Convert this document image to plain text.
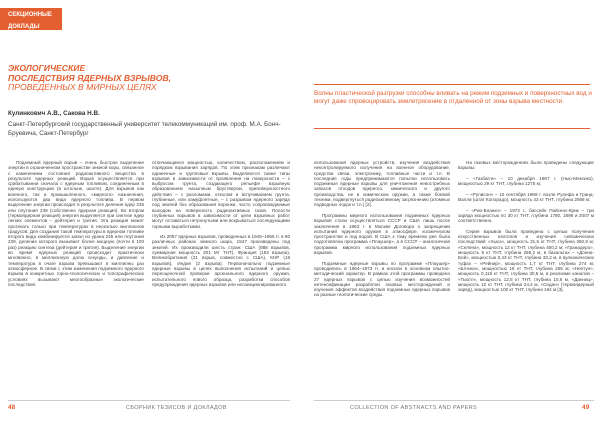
СЕКЦИОННЫЕ
ДОКЛАДЫ
ЭКОЛОГИЧЕСКИЕ
ПОСЛЕДСТВИЯ ЯДЕРНЫХ ВЗРЫВОВ,
ПРОВЕДЕННЫХ В МИРНЫХ ЦЕЛЯХ
Кулинкович А.В., Сакова Н.В.
Санкт-Петербургский государственный университет телекоммуникаций им. проф. М.А. Бонч-Бруевича, Санкт-Петербург
Волны пластической разгрузки способны вливать на режим подземных и поверхностных вод и могут даже спровоцировать землетрясение в отдаленной от зоны взрыва местности.

Подземный ядерный взрыв – очень быстрое выделение энергии в ограниченном пространстве земной коры, связанное с изменением состояния радиоактивного вещества в результате ядерных реакций. Взрыв осуществляется при срабатывании сначала с ядерным топливом, соединенным в единую конструкцию (в штольне, шахте). Для взрывов как военного, так и промышленного, «мирного» назначения, используются два вида ядерного топлива. В первом выделение энергии происходит в результате деления ядер 235 или плутония 239 (собственно ядерная реакция). Во втором (термоядерная реакция) энергия выделяется при синтезе ядер легких элементов – дейтерия и трития. Эта реакция может протекать только при температурах в несколько миллионов градусов. Для создания такой температуры в ядерном топливе второго вида комбинируется запал из урана 235 или плутония 239, деление которого вызывает более мощную (почти в 100 раз) реакцию синтеза (дейтерия и трития). Выделение энергии во время ядерных реакций происходит практически мгновенно, в миллионную долю секунды, и давление и температура в очаге взрыва превышают в миллионы раз атмосферное. В связи с этим изменения подземного ядерного взрыва в конкретных горно-геологических и топографических условиях вызывают многообразные экологические последствия.

отличающиеся мощностью, количеством, расположением и порядком взрывания зарядов. По этим признакам различают единичные и групповые взрывы. Выделяются также типы взрывов в зависимости от проявления на поверхности – с выбросом грунта, создающего рельефе взрывную образованием насыпным бруствером, приповерхностного действия – с разломами, отколом и вспучиванием грунта, глубинные, или камуфлетные, – с разрывом ядерного заряда под землей без образования воронки, часто сопровождаемые выходом на поверхность радиоактивных газов. Полости глубинных взрывов в зависимости от цели взрывных работ могут оставаться нетронутыми или вскрываться последующими горными выработками.

Из 2057 ядерных взрывов, проведенных в 1945–1955 гг. в 90 различных районах земного шара, 1547 произведены под землей. Их производили шесть стран: США (888 взрывов, суммарная мощность 201 Мт ТНТ), Франция (163 взрыва), Великобритания (21 взрыв, совместно с США), КНР (18 взрывов), Индия (2 взрыва). Первоначально подземные ядерные взрывы в целях выполнения испытаний и целью переоценочной проверки арсенального ядерного оружия, испытательного нового образца, разработки способов предупреждения ядерных взрывов или несанкционированного

использования ядерных устройств, изучения воздействия неконтролируемого излучения на военное оборудование, средства связи, электронику, топливные части и т.п. В последние годы предпринимаются попытки использовать подземные ядерные взрывы для уничтожения невостребных запасов отходов ядерного, химического и другого производства, не в химическом оружии, а также боевой техники, подвергнуться радиоактивному загрязнению (атомных подводных лодок и т.п.) [2].

Программы мирного использования подземных ядерных взрывов стали осуществляться СССР и США лишь после заключения в 1963 г. в Москве Договора о запрещении испытаний ядерного оружия в атмосфере, космическом пространстве и под водой. В США к тому времени уже была подготовлена программа «Плаушер», а в СССР – аналогичная программа мирного использования подземных ядерных взрывов.

Подземные ядерные взрывы по программе «Плаушер» проводились в 1964–1973 гг. и носили в основном опытно-методический характер. В рамках этой программы проведено 27 ядерных взрывов с целью изучения возможностей интенсификации разработки газовых месторождений и изучения эффектов воздействия подземных ядерных взрывов на разные геологические среды.

На газовых месторождениях были проведены следующие взрывы:

– «Газбагги» – 10 декабря 1967 г. (Нью-Мексико), мощностью 29 кт ТНТ, глубина 1275 м;

– «Рулисон» – 10 сентября 1969 г. возле Рулефа и Гранд-Валли (штат Колорадо), мощность 43 кт ТНТ, глубина 2568 м;

– «Рио-Бланко» – 1973 г., бассейн Пайсенс-Крик – три заряда мощностью по 30 кт ТНТ, глубина 1780, 1899 и 2007 м соответственно.

Серия взрывов была проведена с целью получения искусственных изотопов и изучения сейсмических последствий: «Хьюз», мощность 31,5 кт ТНТ, глубина 360,9 м; «Селена», мощность 12 кт ТНТ, глубина 460,2 м; «Гранадеро», мощность 5 кт ТНТ, глубина 286,2 м, в базальтах – «Донна-Бой», мощностью 0,43 кт ТНТ, глубина 33,2 м, в вулканических туфах – «Рейнир», мощность 1,7 кт ТНТ, глубина 274 м; «Блэнка», мощностью 19 кт ТНТ, глубина 255 м; «Нептун», мощность 0,115 кт ТНТ, глубина 30,5 м, в реализме каналов – «Тьютл», мощность 12,5 кт ТНТ, глубина 10,6 м, «Данниц», мощность 12 кт ТНТ, глубина 24,4 м, «Седан» (термоядерный заряд), мощностью 100 кт ТНТ, глубина 194 м [3].

48	СБОРНИК ТЕЗИСОВ И ДОКЛАДОВ	COLLECTION OF ABSTRACTS AND PAPERS	49
